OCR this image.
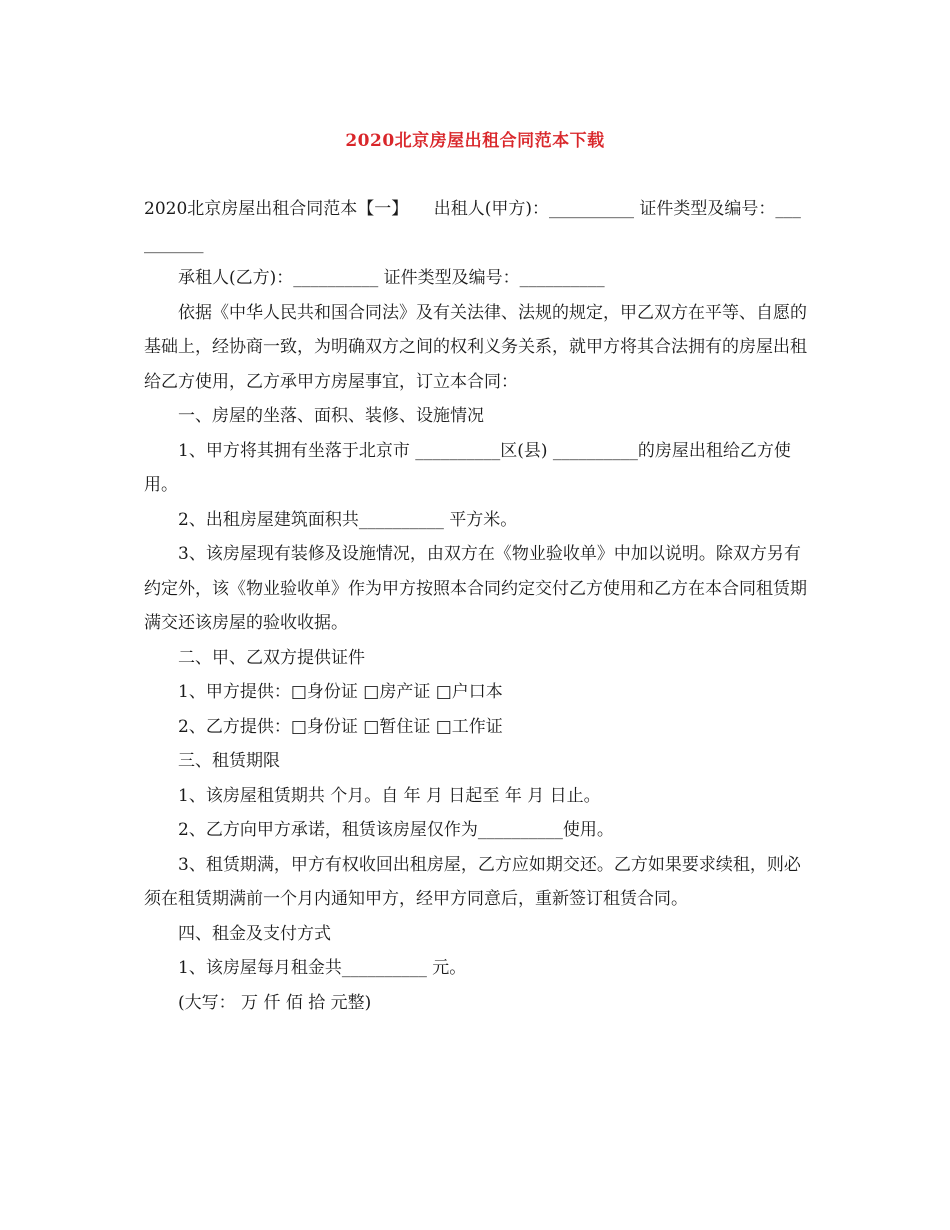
2020北京房屋出租合同范本下载

2020北京房屋出租合同范本【一】　　出租人(甲方)：__________ 证件类型及编号：__________

承租人(乙方)：__________ 证件类型及编号：__________

依据《中华人民共和国合同法》及有关法律、法规的规定，甲乙双方在平等、自愿的基础上，经协商一致，为明确双方之间的权利义务关系，就甲方将其合法拥有的房屋出租给乙方使用，乙方承甲方房屋事宜，订立本合同：

一、房屋的坐落、面积、装修、设施情况

1、甲方将其拥有坐落于北京市 __________区(县) __________的房屋出租给乙方使用。

2、出租房屋建筑面积共__________ 平方米。

3、该房屋现有装修及设施情况，由双方在《物业验收单》中加以说明。除双方另有约定外，该《物业验收单》作为甲方按照本合同约定交付乙方使用和乙方在本合同租赁期满交还该房屋的验收收据。

二、甲、乙双方提供证件

1、甲方提供：□身份证 □房产证 □户口本

2、乙方提供：□身份证 □暂住证 □工作证

三、租赁期限

1、该房屋租赁期共 个月。自 年 月 日起至 年 月 日止。

2、乙方向甲方承诺，租赁该房屋仅作为__________使用。

3、租赁期满，甲方有权收回出租房屋，乙方应如期交还。乙方如果要求续租，则必须在租赁期满前一个月内通知甲方，经甲方同意后，重新签订租赁合同。

四、租金及支付方式

1、该房屋每月租金共__________ 元。

(大写： 万 仟 佰 拾 元整)
